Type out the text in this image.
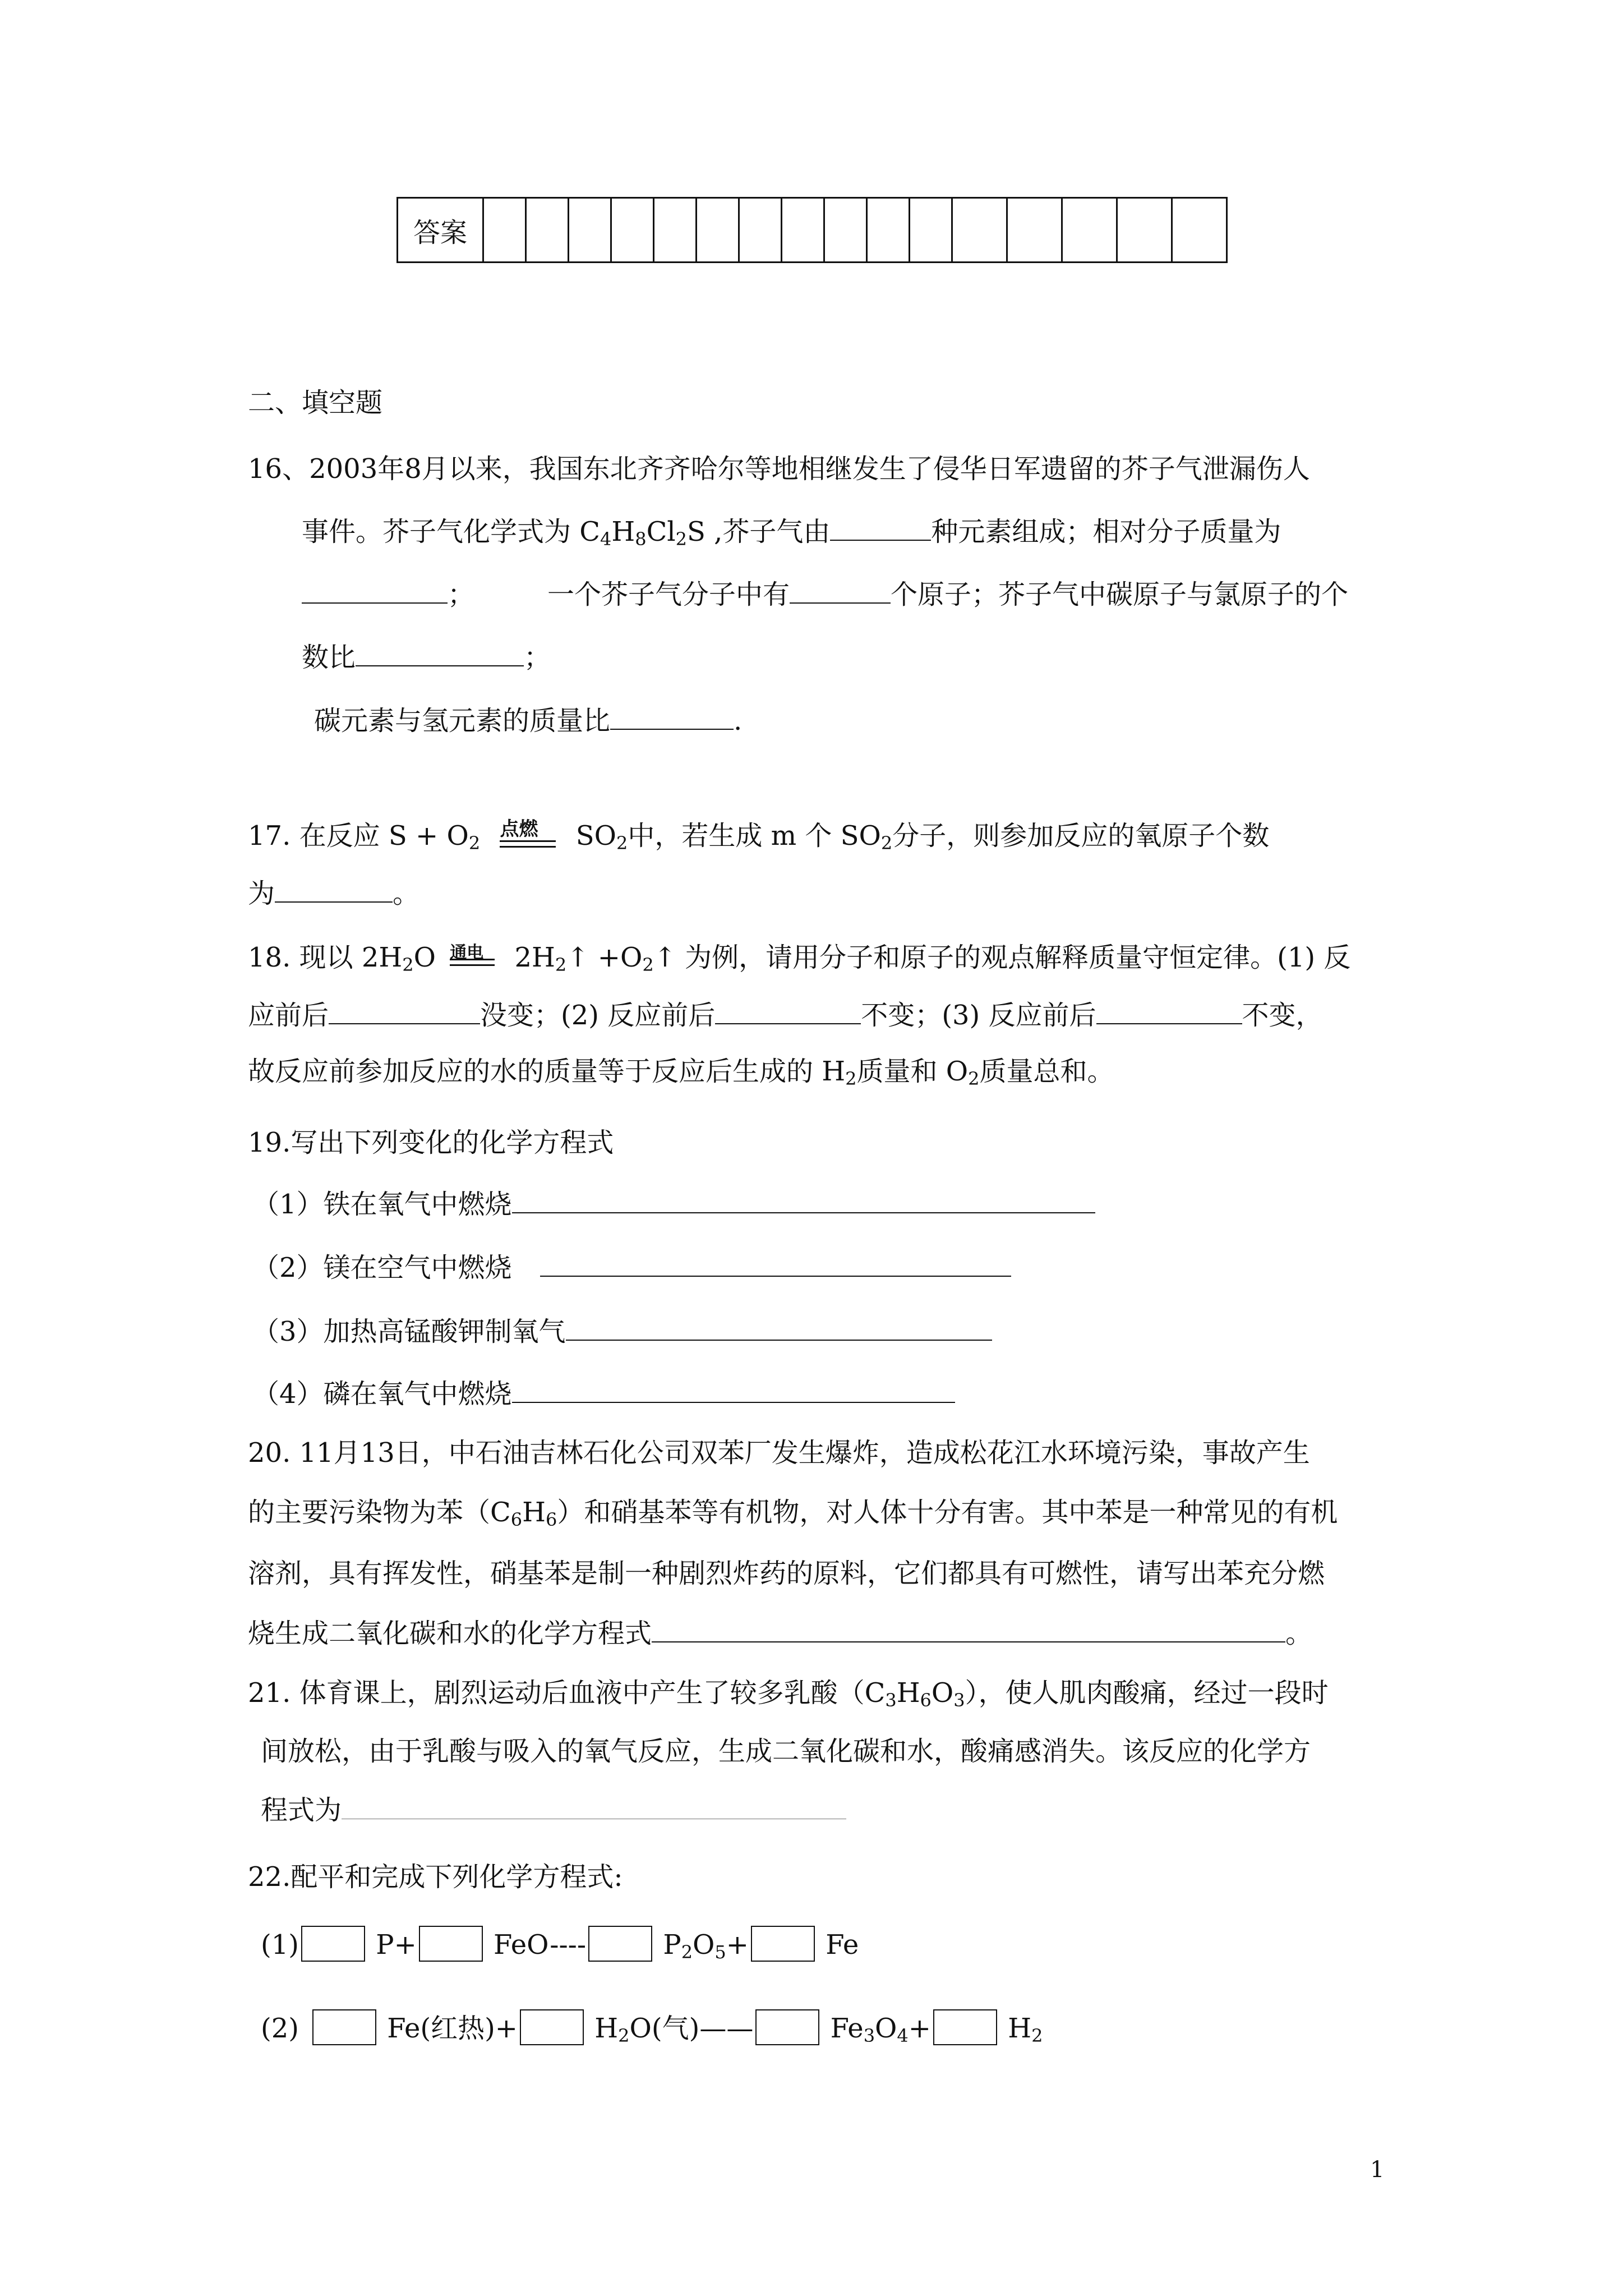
答案																
二、填空题
16、2003年8月以来，我国东北齐齐哈尔等地相继发生了侵华日军遗留的芥子气泄漏伤人
事件。芥子气化学式为 $C_4H_8Cl_2S$ ,芥子气由	种元素组成；相对分子质量为
；	一个芥子气分子中有	个原子；芥子气中碳原子与氯原子的个
数比	；
碳元素与氢元素的质量比	.
17. 在反应 $S + O_2$
点燃 $SO_2$中，若生成 m 个 $SO_2$分子，则参加反应的氧原子个数
为	。
18. 现以 $2H_2O$ 通电 $2H_2↑$ $+O_2↑$ 为例，请用分子和原子的观点解释质量守恒定律。(1) 反
应前后	没变；(2) 反应前后	不变；(3) 反应前后	不变，
故反应前参加反应的水的质量等于反应后生成的 $H_2$质量和 $O_2$质量总和。
19.写出下列变化的化学方程式
（1）铁在氧气中燃烧
（2）镁在空气中燃烧
（3）加热高锰酸钾制氧气
（4）磷在氧气中燃烧
20. 11月13日，中石油吉林石化公司双苯厂发生爆炸，造成松花江水环境污染，事故产生
的主要污染物为苯$(C_6H_6)$和硝基苯等有机物，对人体十分有害。其中苯是一种常见的有机
溶剂，具有挥发性，硝基苯是制一种剧烈炸药的原料，它们都具有可燃性，请写出苯充分燃
烧生成二氧化碳和水的化学方程式	。
21. 体育课上，剧烈运动后血液中产生了较多乳酸$(C_3H_6O_3)$，使人肌肉酸痛，经过一段时
间放松，由于乳酸与吸入的氧气反应，生成二氧化碳和水，酸痛感消失。该反应的化学方
程式为
22.配平和完成下列化学方程式:
(1)	P+	FeO----	$P_2O_5+$	Fe
(2)	Fe(红热)+	$H_2O$(气)——	$Fe_3O_4+$	$H_2$
1
